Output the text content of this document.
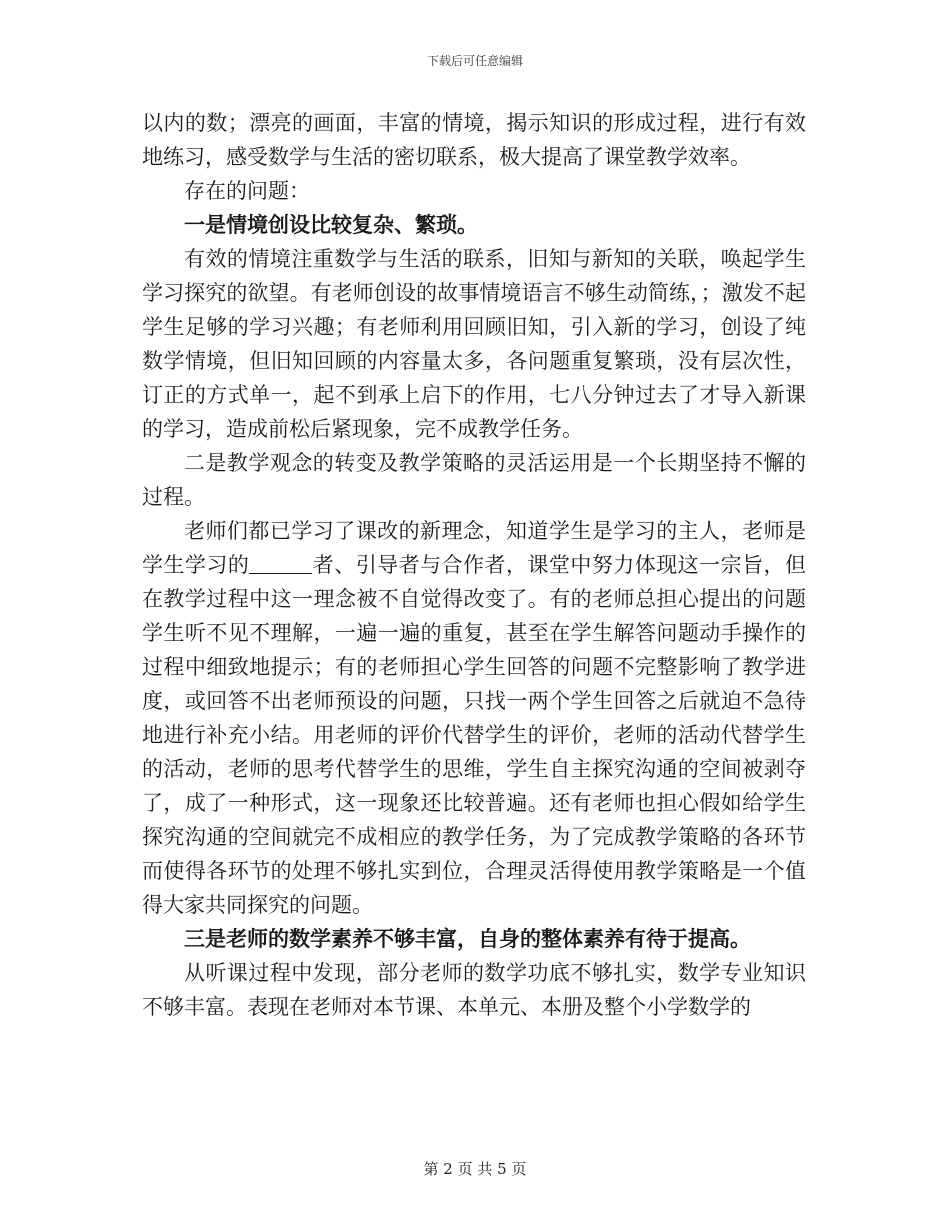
下载后可任意编辑

以内的数；漂亮的画面，丰富的情境，揭示知识的形成过程，进行有效地练习，感受数学与生活的密切联系，极大提高了课堂教学效率。

存在的问题：

一是情境创设比较复杂、繁琐。

有效的情境注重数学与生活的联系，旧知与新知的关联，唤起学生学习探究的欲望。有老师创设的故事情境语言不够生动简练，；激发不起学生足够的学习兴趣；有老师利用回顾旧知，引入新的学习，创设了纯数学情境，但旧知回顾的内容量太多，各问题重复繁琐，没有层次性，订正的方式单一，起不到承上启下的作用，七八分钟过去了才导入新课的学习，造成前松后紧现象，完不成教学任务。

二是教学观念的转变及教学策略的灵活运用是一个长期坚持不懈的过程。

老师们都已学习了课改的新理念，知道学生是学习的主人，老师是学生学习的	者、引导者与合作者，课堂中努力体现这一宗旨，但在教学过程中这一理念被不自觉得改变了。有的老师总担心提出的问题学生听不见不理解，一遍一遍的重复，甚至在学生解答问题动手操作的过程中细致地提示；有的老师担心学生回答的问题不完整影响了教学进度，或回答不出老师预设的问题，只找一两个学生回答之后就迫不急待地进行补充小结。用老师的评价代替学生的评价，老师的活动代替学生的活动，老师的思考代替学生的思维，学生自主探究沟通的空间被剥夺了，成了一种形式，这一现象还比较普遍。还有老师也担心假如给学生探究沟通的空间就完不成相应的教学任务，为了完成教学策略的各环节而使得各环节的处理不够扎实到位，合理灵活得使用教学策略是一个值得大家共同探究的问题。

三是老师的数学素养不够丰富，自身的整体素养有待于提高。

从听课过程中发现，部分老师的数学功底不够扎实，数学专业知识不够丰富。表现在老师对本节课、本单元、本册及整个小学数学的

第 2 页 共 5 页
